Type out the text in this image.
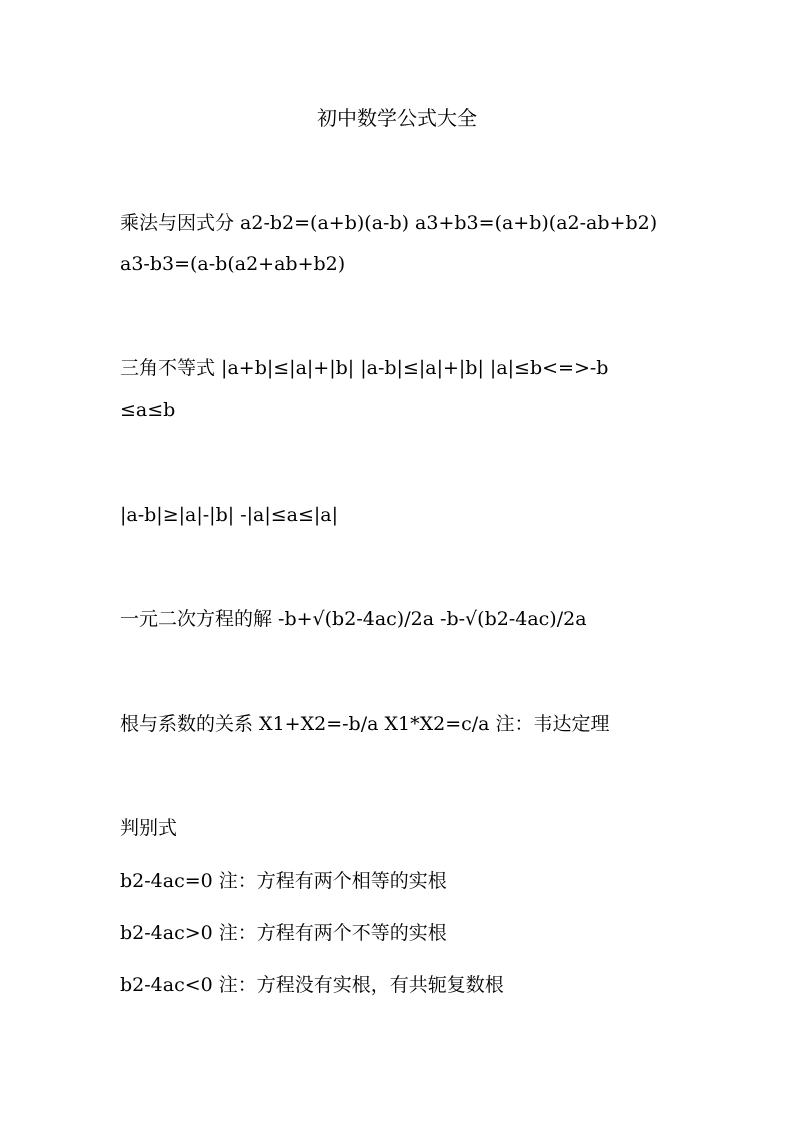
初中数学公式大全
乘法与因式分 a2-b2=(a+b)(a-b) a3+b3=(a+b)(a2-ab+b2)
a3-b3=(a-b(a2+ab+b2)
三角不等式 |a+b|≤|a|+|b| |a-b|≤|a|+|b| |a|≤b<=>-b
≤a≤b
|a-b|≥|a|-|b| -|a|≤a≤|a|
一元二次方程的解 -b+√(b2-4ac)/2a -b-√(b2-4ac)/2a
根与系数的关系 X1+X2=-b/a X1*X2=c/a 注：韦达定理
判别式
b2-4ac=0 注：方程有两个相等的实根
b2-4ac>0 注：方程有两个不等的实根
b2-4ac<0 注：方程没有实根，有共轭复数根
